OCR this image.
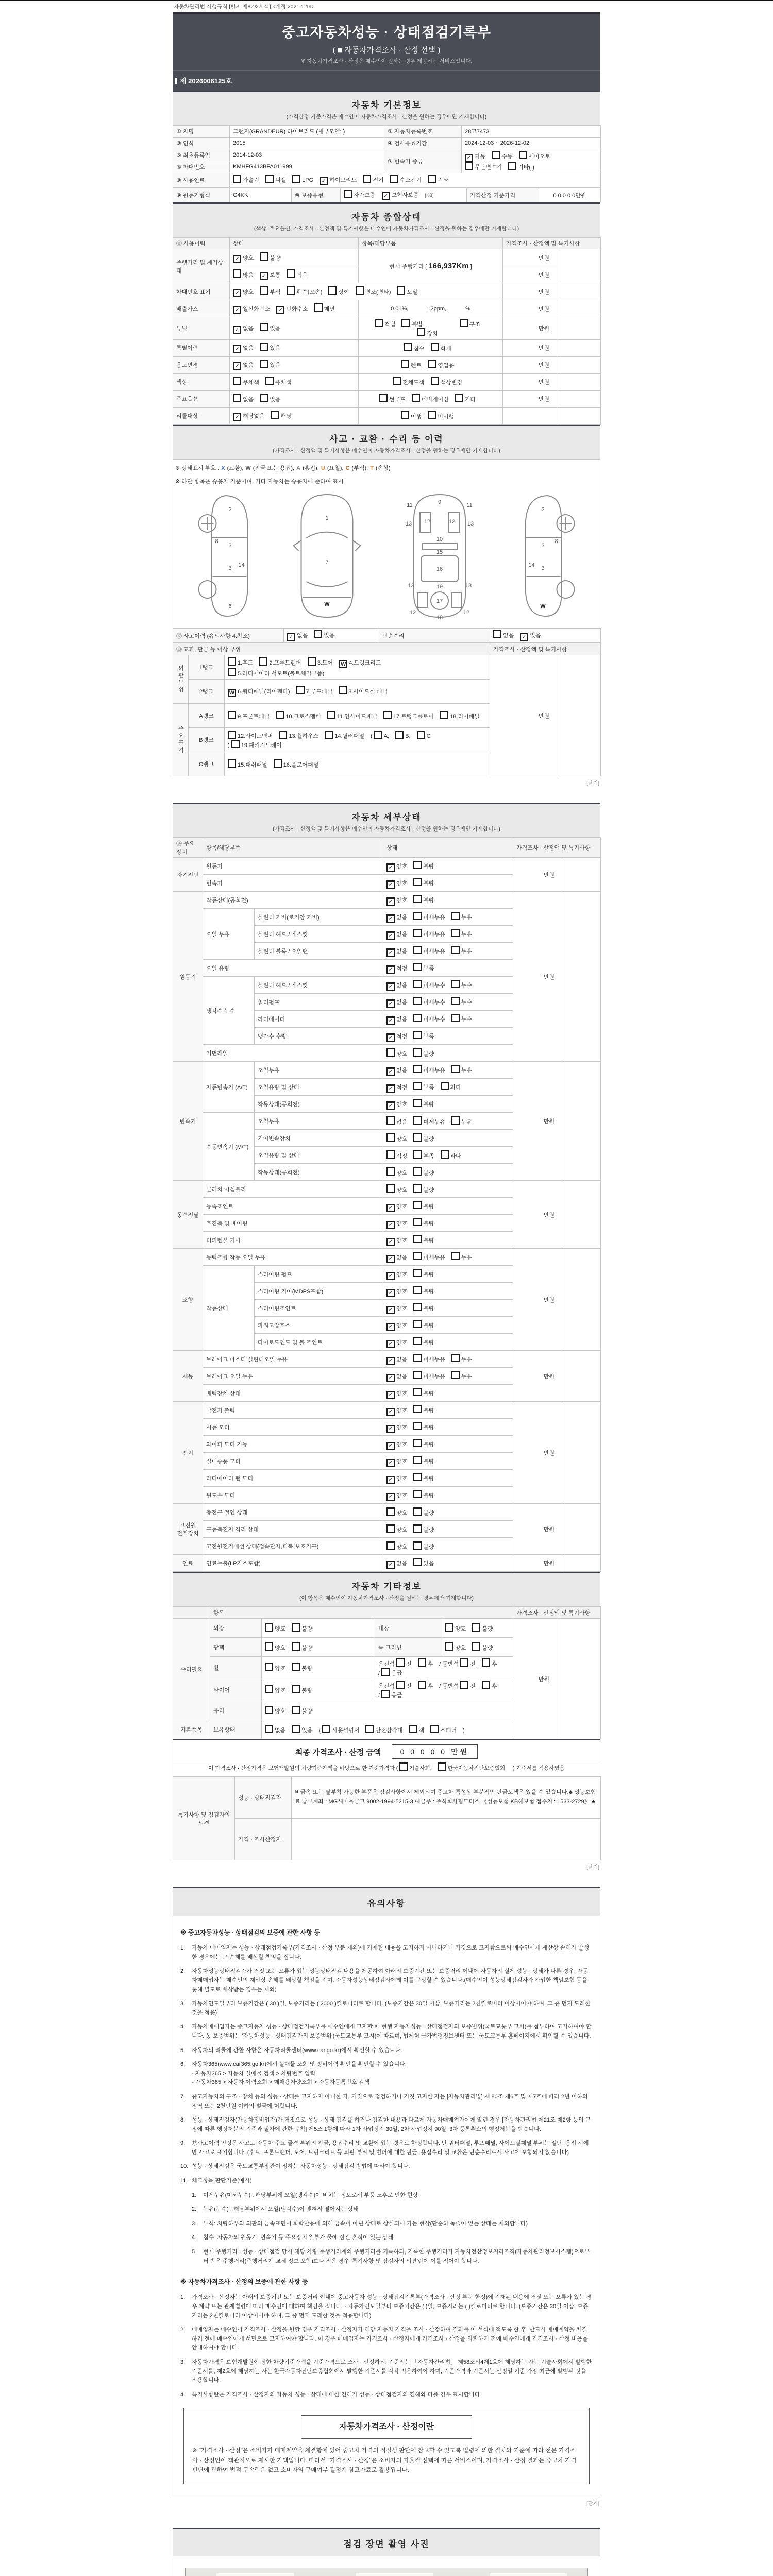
자동차관리법 시행규칙 [별지 제82호서식] <개정 2021.1.19>
중고자동차성능 · 상태점검기록부
( ■ 자동차가격조사 · 산정 선택 )
※ 자동차가격조사 · 산정은 매수인이 원하는 경우 제공하는 서비스입니다.
제 2026006125호
자동차 기본정보
(가격산정 기준가격은 매수인이 자동차가격조사 · 산정을 원하는 경우에만 기재합니다)
① 차명	그랜저(GRANDEUR) 하이브리드 (세부모델: )	② 자동차등록번호	28고7473
③ 연식	2015	④ 검사유효기간	2024-12-03 ~ 2026-12-02
⑤ 최초등록일	2014-12-03	⑦ 변속기 종류	✓ 자동 수동 세미오토
무단변속기 기타( )

⑥ 차대번호	KMHFG413BFA011999		
⑧ 사용연료	가솔린 디젤 LPG ✓ 하이브리드 전기 수소전기 기타		
⑨ 원동기형식	G4KK	⑩ 보증유형	자가보증 ✓ 보험사보증 [KB]	가격산정 기준가격	0 0 0 0 0만원
자동차 종합상태
(색상, 주요옵션, 가격조사 · 산정액 및 특기사항은 매수인이 자동차가격조사 · 산정을 원하는 경우에만 기재합니다)
⑪ 사용이력	상태	항목/해당부품	가격조사 · 산정액 및 특기사항	
주행거리 및 계기상태	✓ 양호 불량	현재 주행거리 [ 166,937Km ]	만원	
	많음 ✓ 보통 적음		만원	
차대번호 표기	✓ 양호 부식 훼손(오손) 상이 변조(변타) 도말		만원	
배출가스	✓ 일산화탄소 ✓ 탄화수소 매연	0.01%, 12ppm, %	만원	
튜닝	✓ 없음 있음	적법 불법 구조장치	만원	
특별이력	✓ 없음 있음	침수 화재	만원	
용도변경	✓ 없음 있음	렌트 영업용	만원	
색상	무채색 유채색	전체도색 색상변경	만원	
주요옵션	없음 있음	썬루프 네비게이션 기타	만원	
리콜대상	✓ 해당없음 해당	이행 미이행		
사고 · 교환 · 수리 등 이력
(가격조사 · 산정액 및 특기사항은 매수인이 자동차가격조사 · 산정을 원하는 경우에만 기재합니다)
※ 상태표시 부호 : X (교환), W (판금 또는 용접), A (흠집), U (요철), C (부식), T (손상)
※ 하단 항목은 승용차 기준이며, 기타 자동차는 승용차에 준하여 표시
2
8
3
3 14
6
1
7
W
11	11
13	13
12	12
9
10
15
16
19
13	13
17
12	12
18
2
8
3
3
14
W
⑫ 사고이력 (유의사항 4.참조)	✓ 없음	있음	단순수리	없음 ✓ 있음
⑬ 교환, 판금 등 이상 부위			가격조사 · 산정액 및 특기사항	
외판부위	1랭크	1.후드 2.프론트휀더 3.도어 W 4.트렁크리드5.라디에이터 서포트(볼트체결부품)	만원	
	2랭크	W 6.쿼터패널(리어휀다) 7.루프패널 8.사이드실 패널		
주요골격	A랭크	9.프론트패널 10.크로스멤버 11.인사이드패널 17.트렁크플로어 18.리어패널		
	B랭크	12.사이드멤버 13.휠하우스 14.필러패널 ( A, B, C) 19.패키지트레이		
	C랭크	15.대쉬패널 16.플로어패널		
[닫기]
자동차 세부상태
(가격조사 · 산정액 및 특기사항은 매수인이 자동차가격조사 · 산정을 원하는 경우에만 기재합니다)
⑭ 주요장치	항목/해당부품		상태	가격조사 · 산정액 및 특기사항	
자기진단	원동기		✓ 양호 불량	만원	
	변속기		✓ 양호 불량		
원동기	작동상태(공회전)		✓ 양호 불량	만원	
	오일 누유	실린더 커버(로커암 커버)	✓ 없음 미세누유 누유		
		실린더 헤드 / 개스킷	✓ 없음 미세누유 누유		
		실린더 블록 / 오일팬	✓ 없음 미세누유 누유		
	오일 유량		✓ 적정 부족		
	냉각수 누수	실린더 헤드 / 개스킷	✓ 없음 미세누수 누수		
		워터펌프	✓ 없음 미세누수 누수		
		라디에이터	✓ 없음 미세누수 누수		
		냉각수 수량	✓ 적정 부족		
	커먼레일		양호 불량		
변속기	자동변속기 (A/T)	오일누유	✓ 없음 미세누유 누유	만원	
		오일유량 및 상태	✓ 적정 부족 과다		
		작동상태(공회전)	✓ 양호 불량		
	수동변속기 (M/T)	오일누유	없음 미세누유 누유		
		기어변속장치	양호 불량		
		오일유량 및 상태	적정 부족 과다		
		작동상태(공회전)	양호 불량		
동력전달	클러치 어셈블리		양호 불량	만원	
	등속죠인트		✓ 양호 불량		
	추진축 및 베어링		✓ 양호 불량		
	디퍼렌셜 기어		✓ 양호 불량		
조향	동력조향 작동 오일 누유		✓ 없음 미세누유 누유	만원	
	작동상태	스티어링 펌프	✓ 양호 불량		
		스티어링 기어(MDPS포함)	✓ 양호 불량		
		스티어링조인트	✓ 양호 불량		
		파워고압호스	✓ 양호 불량		
		타이로드엔드 및 볼 조인트	✓ 양호 불량		
제동	브레이크 마스터 실린더오일 누유		✓ 없음 미세누유 누유	만원	
	브레이크 오일 누유		✓ 없음 미세누유 누유		
	배력장치 상태		✓ 양호 불량		
전기	발전기 출력		✓ 양호 불량	만원	
	시동 모터		✓ 양호 불량		
	와이퍼 모터 기능		✓ 양호 불량		
	실내송풍 모터		✓ 양호 불량		
	라디에이터 팬 모터		✓ 양호 불량		
	윈도우 모터		✓ 양호 불량		
고전원 전기장치	충전구 절연 상태		양호 불량	만원	
	구동축전지 격리 상태		양호 불량		
	고전원전기배선 상태(접속단자,피복,보호기구)		양호 불량		
연료	연료누출(LP가스포함)		✓ 없음 있음	만원	
자동차 기타정보
(이 항목은 매수인이 자동차가격조사 · 산정을 원하는 경우에만 기재합니다)
	항목				가격조사 · 산정액 및 특기사항	
수리필요	외장	양호 불량	내장	양호 불량	만원	
	광택	양호 불량	룸 크리닝	양호 불량		
	휠	양호 불량	운전석 전 후 / 동반석 전 후/ 응급			
	타이어	양호 불량	운전석 전 후 / 동반석 전 후/ 응급			
	유리	양호 불량				
기본품목	보유상태	없음 있음 ( 사용설명서 안전삼각대 잭 스패너 )				
최종 가격조사 · 산정 금액	0 0 0 0 0 만원
이 가격조사 · 산정가격은 보험개발원의 차량기준가액을 바탕으로 한 기준가격과 ( 기술사회,	한국자동차진단보증협회 ) 기준서를 적용하였음
특기사항 및 점검자의 의견	성능 · 상태점검자	비금속 또는 탈부착 가능한 부품은 점검사항에서 제외되며 중고차 특성상 부분적인 판금도색은 있을 수 있습니다.♣ 성능보험료 납부계좌 : MG새마을금고 9002-1994-5215-3 예금주 : 주식회사팀모터스 《성능보험 KB해보험 접수처 : 1533-2729》 ♣
	가격 · 조사산정자	
[닫기]
유의사항
※ 중고자동차성능 · 상태점검의 보증에 관한 사항 등
1.	자동차 매매업자는 성능 · 상태점검기록부(가격조사 · 산정 부분 제외)에 기재된 내용을 고지하지 아니하거나 거짓으로 고지함으로써 매수인에게 재산상 손해가 발생한 경우에는 그 손해를 배상할 책임을 집니다.
2.	자동차성능상태점검자가 거짓 또는 오류가 있는 성능상태점검 내용을 제공하여 아래의 보증기간 또는 보증거리 이내에 자동차의 실제 성능 · 상태가 다른 경우, 자동차매매업자는 매수인의 재산상 손해를 배상할 책임을 지며, 자동차성능상태점검자에게 이를 구상할 수 있습니다.(매수인이 성능상태점검자가 가입한 책임보험 등을 통해 별도로 배상받는 경우는 제외)
3.	자동차인도일부터 보증기간은 ( 30 )일, 보증거리는 ( 2000 )킬로미터로 합니다. (보증기간은 30일 이상, 보증거리는 2천킬로미터 이상이어야 하며, 그 중 먼저 도래한 것을 적용)
4.	자동차매매업자는 중고자동차 성능 · 상태점검기록부를 매수인에게 고지할 때 현행 자동차성능 · 상태점검자의 보증범위(국토교통부 고시)를 첨부하여 고지하여야 합니다. 동 보증범위는 '자동차성능 · 상태점검자의 보증범위'(국토교통부 고시)에 따르며, 법제처 국가법령정보센터 또는 국토교통부 홈페이지에서 확인할 수 있습니다.
5.	자동차의 리콜에 관한 사항은 자동차리콜센터(www.car.go.kr)에서 확인할 수 있습니다.
6.	자동차365(www.car365.go.kr)에서 실매물 조회 및 정비이력 확인을 확인할 수 있습니다.
- 자동차365 > 자동차 실매물 검색 > 차량번호 입력
- 자동차365 > 자동차 이력조회 > 매매용차량조회 > 자동차등록번호 검색
7.	중고자동차의 구조 · 장치 등의 성능 · 상태를 고지하지 아니한 자, 거짓으로 점검하거나 거짓 고지한 자는 [자동차관리법] 제 80조 제6호 및 제7호에 따라 2년 이하의 징역 또는 2천만원 이하의 벌금에 처합니다.
8.	성능 · 상태점검자(자동차정비업자)가 거짓으로 성능 · 상태 점검을 하거나 점검한 내용과 다르게 자동차매매업자에게 알린 경우 [자동차관리법 제21조 제2항 등의 규정에 따른 행정처분의 기준과 절차에 관한 규칙] 제5조 1항에 따라 1차 사업정지 30일, 2차 사업정지 90일, 3차 등록취소의 행정처분을 받습니다.
9.	⑫사고이력 인정은 사고로 자동차 주요 골격 부위의 판금, 용접수리 및 교환이 있는 경우로 한정합니다. 단 쿼터패널, 루프패널, 사이드실패널 부위는 절단, 용접 시에만 사고로 표기합니다. (후드, 프론트펜더, 도어, 트렁크리드 등 외판 부위 및 범퍼에 대한 판금, 용접수리 및 교환은 단순수리로서 사고에 포함되지 않습니다)
10. 성능 · 상태점검은 국토교통부장관이 정하는 자동차성능 · 상태점검 방법에 따라야 합니다.
11. 체크항목 판단기준(예시)
1.	미세누유(미세누수) : 해당부위에 오일(냉각수)이 비치는 정도로서 부품 노후로 인한 현상
2.	누유(누수) : 해당부위에서 오일(냉각수)이 맺혀서 떨어지는 상태
3.	부식: 차량하부와 외판의 금속표면이 화학반응에 의해 금속이 아닌 상태로 상실되어 가는 현상(단순히 녹슬어 있는 상태는 제외합니다)
4.	침수: 자동차의 원동기, 변속기 등 주요장치 일부가 물에 잠긴 흔적이 있는 상태
5.	현재 주행거리 : 성능 · 상태점검 당시 해당 차량 주행거리계의 주행거리를 기록하되, 기록한 주행거리가 자동차전산정보처리조직(자동차관리정보시스템)으로부터 받은 주행거리(주행거리계 교체 정보 포함)보다 적은 경우 '특기사항 및 점검자의 의견'란에 이를 적어야 합니다.
※ 자동차가격조사 · 산정의 보증에 관한 사항 등
1.	가격조사 · 산정자는 아래의 보증기간 또는 보증거리 이내에 중고자동차 성능 · 상태점검기록부(가격조사 · 산정 부분 한정)에 기재된 내용에 거짓 또는 오류가 있는 경우 계약 또는 관계법령에 따라 매수인에 대하여 책임을 집니다. · 자동차인도일부터 보증기간은 ( )일, 보증거리는 ( )킬로미터로 합니다. (보증기간은 30일 이상, 보증거리는 2천킬로미터 이상이어야 하며, 그 중 먼저 도래한 것을 적용합니다)
2.	매매업자는 매수인이 가격조사 · 산정을 원할 경우 가격조사 · 산정자가 해당 자동차 가격을 조사 · 산정하여 결과를 이 서식에 적도록 한 후, 반드시 매매계약을 체결하기 전에 매수인에게 서면으로 고지하여야 합니다. 이 경우 매매업자는 가격조사 · 산정자에게 가격조사 · 산정을 의뢰하기 전에 매수인에게 가격조사 · 산정 비용을 안내하여야 합니다.
3.	자동차가격은 보험개발원이 정한 차량기준가액을 기준가격으로 조사 · 산정하되, 기준서는 「자동차관리법」 제58조의4제1호에 해당하는 자는 기술사회에서 발행한 기준서를, 제2호에 해당하는 자는 한국자동차진단보증협회에서 발행한 기준서를 각각 적용하여야 하며, 기준가격과 기준서는 산정일 기준 가장 최근에 발행된 것을 적용합니다.
4.	특기사항란은 가격조사 · 산정자의 자동차 성능 · 상태에 대한 견해가 성능 · 상태점검자의 견해와 다를 경우 표시합니다.
자동차가격조사 · 산정이란
※ "가격조사 · 산정"은 소비자가 매매계약을 체결함에 있어 중고차 가격의 적절성 판단에 참고할 수 있도록 법령에 의한 절차와 기준에 따라 전문 가격조사 · 산정인이 객관적으로 제시한 가액입니다. 따라서 "가격조사 · 산정"은 소비자의 자율적 선택에 따른 서비스이며, 가격조사 · 산정 결과는 중고차 가격판단에 관하여 법적 구속력은 없고 소비자의 구매여부 결정에 참고자료로 활용됩니다.
[닫기]
점검 장면 촬영 사진
